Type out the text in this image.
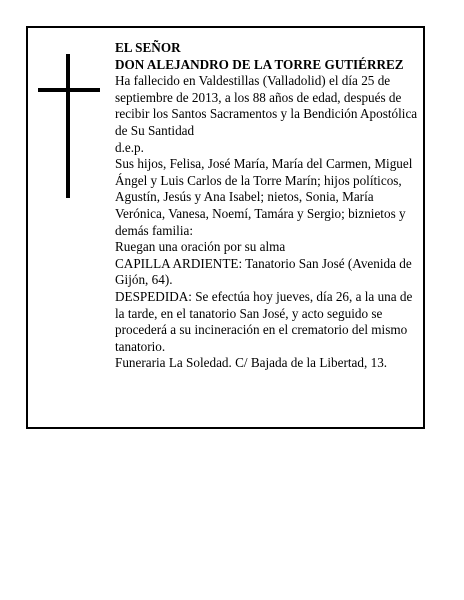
EL SEÑOR

DON ALEJANDRO DE LA TORRE GUTIÉRREZ

Ha fallecido en Valdestillas (Valladolid) el día 25 de septiembre de 2013, a los 88 años de edad, después de recibir los Santos Sacramentos y la Bendición Apostólica de Su Santidad

d.e.p.

Sus hijos, Felisa, José María, María del Carmen, Miguel Ángel y Luis Carlos de la Torre Marín; hijos políticos, Agustín, Jesús y Ana Isabel; nietos, Sonia, María Verónica, Vanesa, Noemí, Tamára y Sergio; biznietos y demás familia:

Ruegan una oración por su alma

CAPILLA ARDIENTE: Tanatorio San José (Avenida de Gijón, 64).

DESPEDIDA: Se efectúa hoy jueves, día 26, a la una de la tarde, en el tanatorio San José, y acto seguido se procederá a su incineración en el crematorio del mismo tanatorio.

Funeraria La Soledad. C/ Bajada de la Libertad, 13.
